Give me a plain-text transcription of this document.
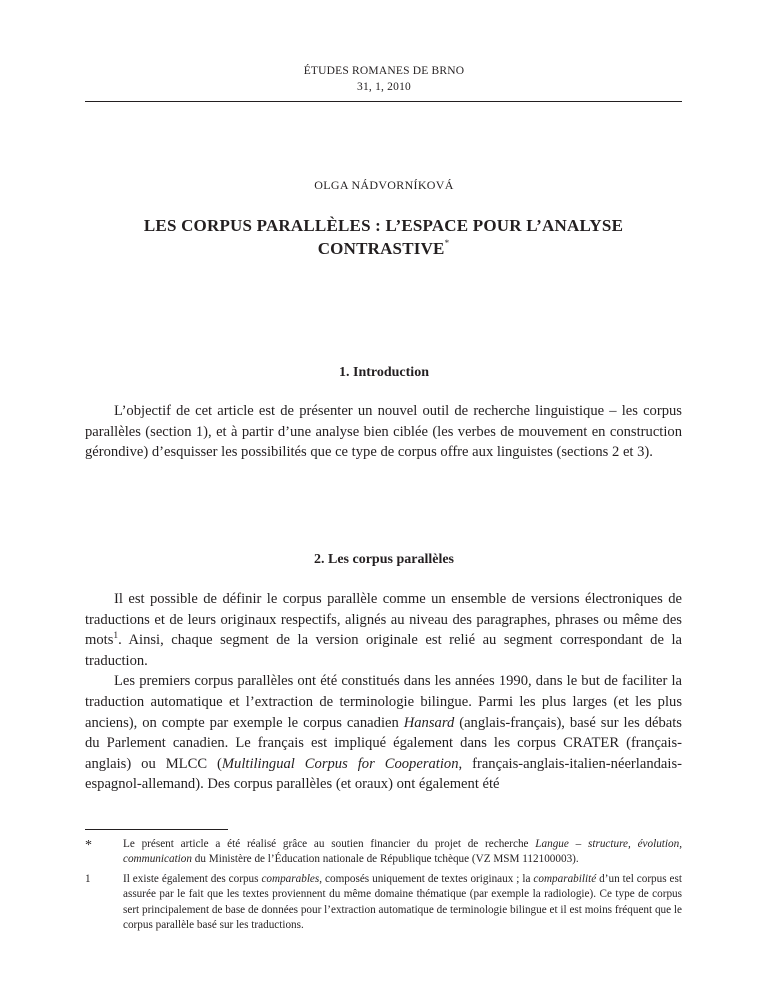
ÉTUDES ROMANES DE BRNO
31, 1, 2010
OLGA NÁDVORNÍKOVÁ
LES CORPUS PARALLÈLES : L’ESPACE POUR L’ANALYSE
CONTRASTIVE*
1. Introduction

L’objectif de cet article est de présenter un nouvel outil de recherche linguistique – les corpus parallèles (section 1), et à partir d’une analyse bien ciblée (les verbes de mouvement en construction gérondive) d’esquisser les possibilités que ce type de corpus offre aux linguistes (sections 2 et 3).

2. Les corpus parallèles

Il est possible de définir le corpus parallèle comme un ensemble de versions électroniques de traductions et de leurs originaux respectifs, alignés au niveau des paragraphes, phrases ou même des mots$^1$. Ainsi, chaque segment de la version originale est relié au segment correspondant de la traduction.

Les premiers corpus parallèles ont été constitués dans les années 1990, dans le but de faciliter la traduction automatique et l’extraction de terminologie bilingue. Parmi les plus larges (et les plus anciens), on compte par exemple le corpus canadien Hansard (anglais-français), basé sur les débats du Parlement canadien. Le français est impliqué également dans les corpus CRATER (français-anglais) ou MLCC (Multilingual Corpus for Cooperation, français-anglais-italien-néerlandais-espagnol-allemand). Des corpus parallèles (et oraux) ont également été

*	Le présent article a été réalisé grâce au soutien financier du projet de recherche Langue – structure, évolution, communication du Ministère de l’Éducation nationale de République tchèque (VZ MSM 112100003).
1	Il existe également des corpus comparables, composés uniquement de textes originaux ; la comparabilité d’un tel corpus est assurée par le fait que les textes proviennent du même domaine thématique (par exemple la radiologie). Ce type de corpus sert principalement de base de données pour l’extraction automatique de terminologie bilingue et il est moins fréquent que le corpus parallèle basé sur les traductions.
